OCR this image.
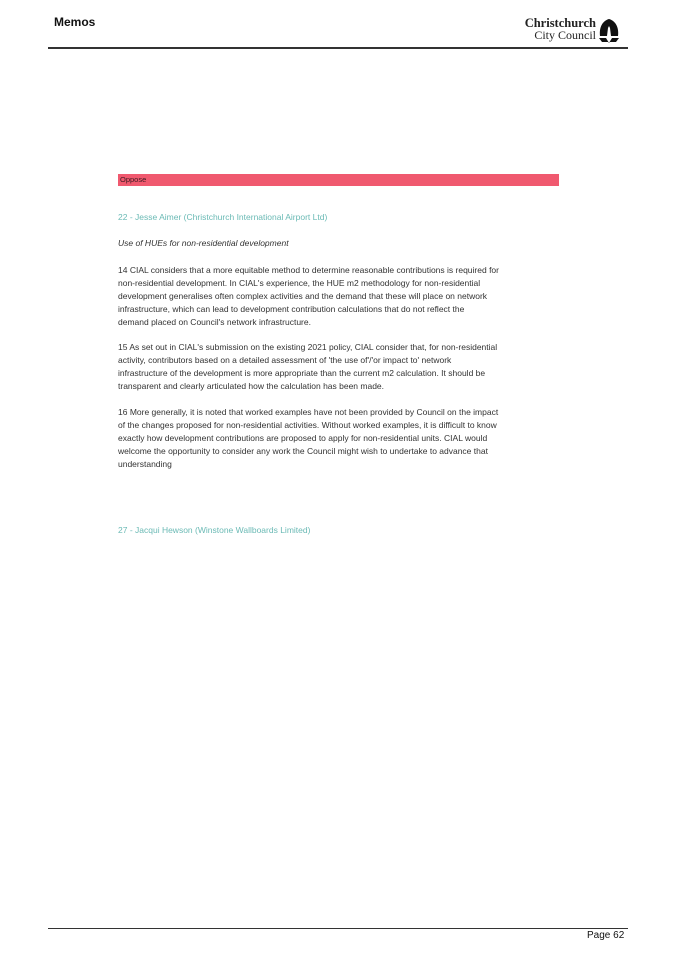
Memos	Christchurch
City Council
Oppose
22 - Jesse Aimer (Christchurch International Airport Ltd)
Use of HUEs for non-residential development
14 CIAL considers that a more equitable method to determine reasonable contributions is required for
non-residential development. In CIAL's experience, the HUE m2 methodology for non-residential
development generalises often complex activities and the demand that these will place on network
infrastructure, which can lead to development contribution calculations that do not reflect the
demand placed on Council's network infrastructure.
15 As set out in CIAL's submission on the existing 2021 policy, CIAL consider that, for non-residential
activity, contributors based on a detailed assessment of 'the use of'/'or impact to' network
infrastructure of the development is more appropriate than the current m2 calculation. It should be
transparent and clearly articulated how the calculation has been made.
16 More generally, it is noted that worked examples have not been provided by Council on the impact
of the changes proposed for non-residential activities. Without worked examples, it is difficult to know
exactly how development contributions are proposed to apply for non-residential units. CIAL would
welcome the opportunity to consider any work the Council might wish to undertake to advance that
understanding
27 - Jacqui Hewson (Winstone Wallboards Limited)
Page 62
